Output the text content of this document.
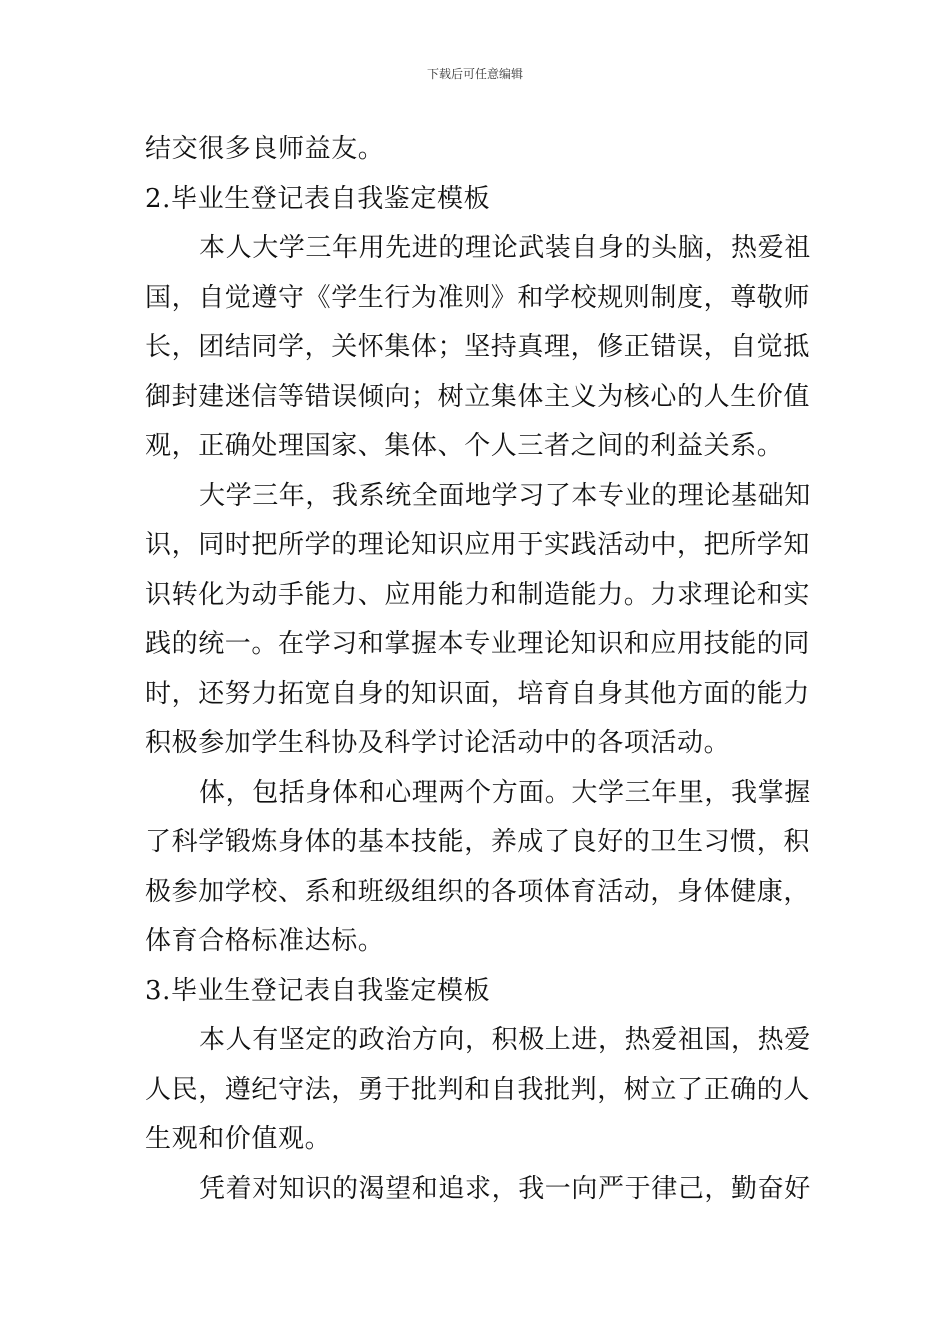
下载后可任意编辑
结交很多良师益友。
2.毕业生登记表自我鉴定模板
本人大学三年用先进的理论武装自身的头脑，热爱祖
国，自觉遵守《学生行为准则》和学校规则制度，尊敬师
长，团结同学，关怀集体；坚持真理，修正错误，自觉抵
御封建迷信等错误倾向；树立集体主义为核心的人生价值
观，正确处理国家、集体、个人三者之间的利益关系。
大学三年，我系统全面地学习了本专业的理论基础知
识，同时把所学的理论知识应用于实践活动中，把所学知
识转化为动手能力、应用能力和制造能力。力求理论和实
践的统一。在学习和掌握本专业理论知识和应用技能的同
时，还努力拓宽自身的知识面，培育自身其他方面的能力
积极参加学生科协及科学讨论活动中的各项活动。
体，包括身体和心理两个方面。大学三年里，我掌握
了科学锻炼身体的基本技能，养成了良好的卫生习惯，积
极参加学校、系和班级组织的各项体育活动，身体健康，
体育合格标准达标。
3.毕业生登记表自我鉴定模板
本人有坚定的政治方向，积极上进，热爱祖国，热爱
人民，遵纪守法，勇于批判和自我批判，树立了正确的人
生观和价值观。
凭着对知识的渴望和追求，我一向严于律己，勤奋好
